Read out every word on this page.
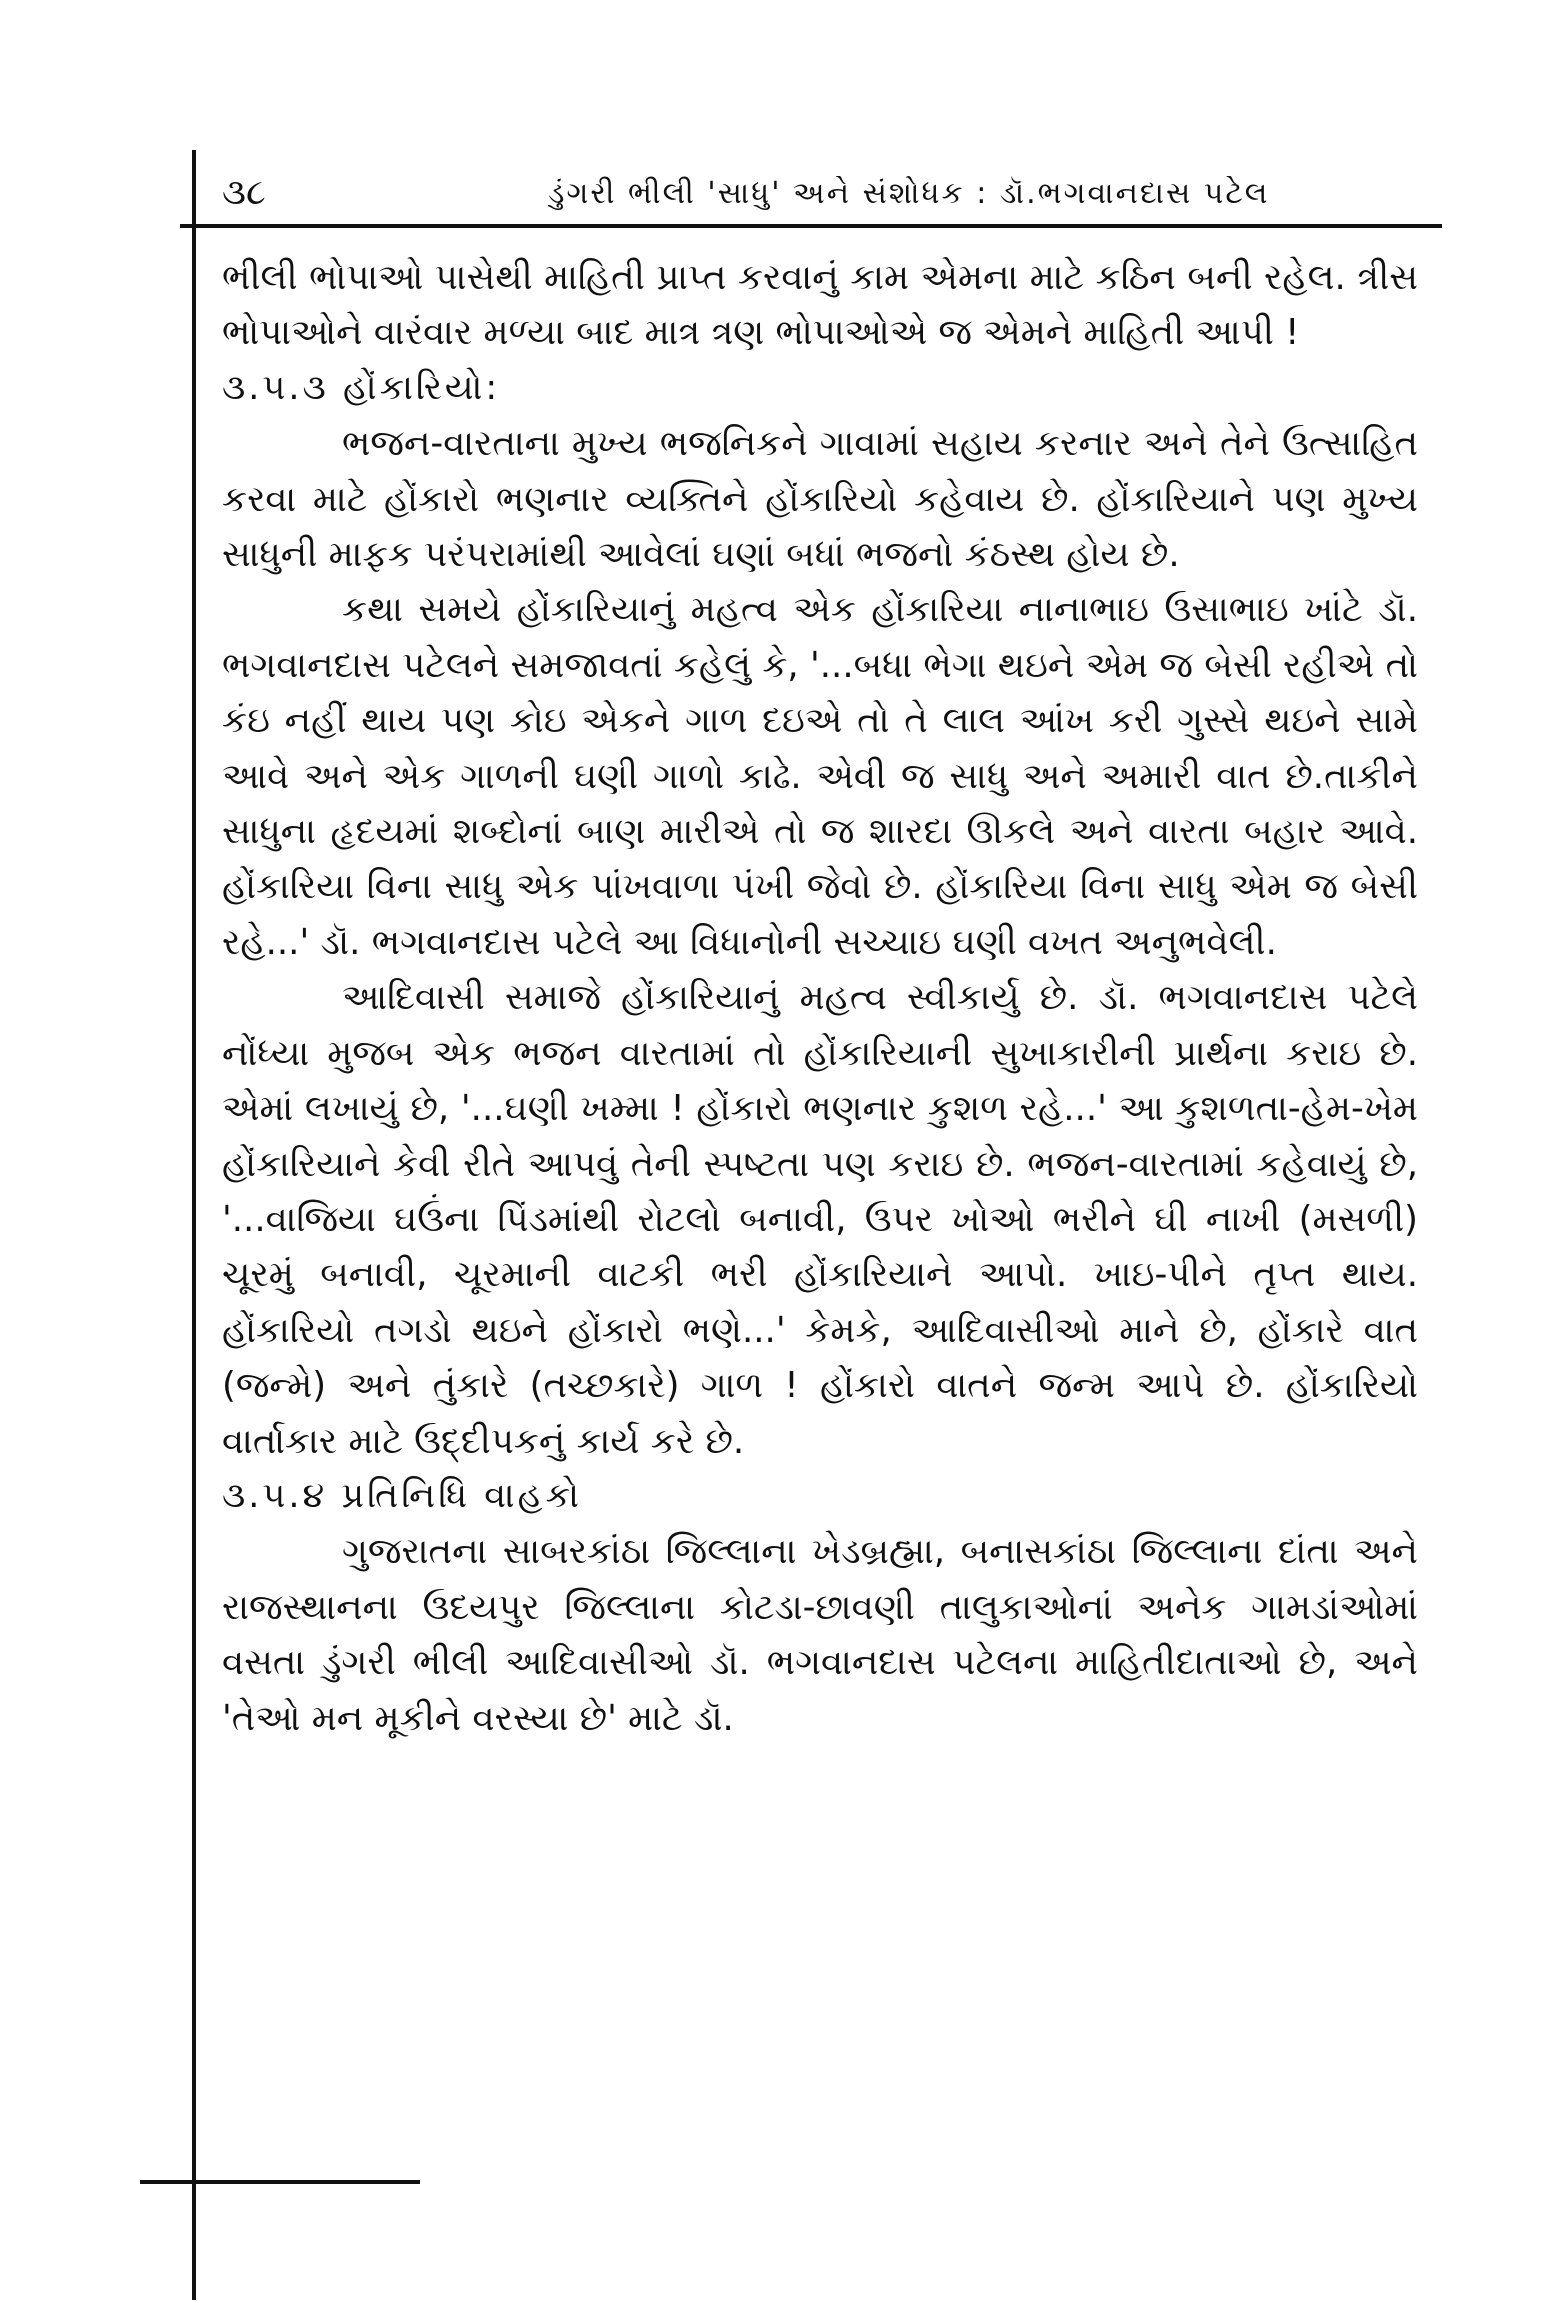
૩૮	ડુંગરી ભીલી 'સાધુ' અને સંશોધક : ડૉ.ભગવાનદાસ પટેલ

ભીલી ભોપાઓ પાસેથી માહિતી પ્રાપ્ત કરવાનું કામ એમના માટે કઠિન બની રહેલ. ત્રીસ ભોપાઓને વારંવાર મળ્યા બાદ માત્ર ત્રણ ભોપાઓએ જ એમને માહિતી આપી !

૩.૫.૩ હોંકારિયો:

ભજન-વારતાના મુખ્ય ભજનિકને ગાવામાં સહાય કરનાર અને તેને ઉત્સાહિત કરવા માટે હોંકારો ભણનાર વ્યક્તિને હોંકારિયો કહેવાય છે. હોંકારિયાને પણ મુખ્ય સાધુની માફક પરંપરામાંથી આવેલાં ઘણાં બધાં ભજનો કંઠસ્થ હોય છે.

કથા સમયે હોંકારિયાનું મહત્વ એક હોંકારિયા નાનાભાઇ ઉસાભાઇ ખાંટે ડૉ. ભગવાનદાસ પટેલને સમજાવતાં કહેલું કે, '...બધા ભેગા થઇને એમ જ બેસી રહીએ તો કંઇ નહીં થાય પણ કોઇ એકને ગાળ દઇએ તો તે લાલ આંખ કરી ગુસ્સે થઇને સામે આવે અને એક ગાળની ઘણી ગાળો કાઢે. એવી જ સાધુ અને અમારી વાત છે.તાકીને સાધુના હૃદયમાં શબ્દોનાં બાણ મારીએ તો જ શારદા ઊકલે અને વારતા બહાર આવે. હોંકારિયા વિના સાધુ એક પાંખવાળા પંખી જેવો છે. હોંકારિયા વિના સાધુ એમ જ બેસી રહે...' ડૉ. ભગવાનદાસ પટેલે આ વિધાનોની સચ્ચાઇ ઘણી વખત અનુભવેલી.

આદિવાસી સમાજે હોંકારિયાનું મહત્વ સ્વીકાર્યુ છે. ડૉ. ભગવાનદાસ પટેલે નોંધ્યા મુજબ એક ભજન વારતામાં તો હોંકારિયાની સુખાકારીની પ્રાર્થના કરાઇ છે. એમાં લખાયું છે, '...ઘણી ખમ્મા ! હોંકારો ભણનાર કુશળ રહે...' આ કુશળતા-હેમ-ખેમ હોંકારિયાને કેવી રીતે આપવું તેની સ્પષ્ટતા પણ કરાઇ છે. ભજન-વારતામાં કહેવાયું છે, '...વાજિયા ઘઉંના પિંડમાંથી રોટલો બનાવી, ઉપર ખોઓ ભરીને ઘી નાખી (મસળી) ચૂરમું બનાવી, ચૂરમાની વાટકી ભરી હોંકારિયાને આપો. ખાઇ-પીને તૃપ્ત થાય. હોંકારિયો તગડો થઇને હોંકારો ભણે...' કેમકે, આદિવાસીઓ માને છે, હોંકારે વાત (જન્મે) અને તુંકારે (તચ્છકારે) ગાળ ! હોંકારો વાતને જન્મ આપે છે. હોંકારિયો વાર્તાકાર માટે ઉદ્દીપકનું કાર્ય કરે છે.

૩.૫.૪ પ્રતિનિધિ વાહકો

ગુજરાતના સાબરકાંઠા જિલ્લાના ખેડબ્રહ્મા, બનાસકાંઠા જિલ્લાના દાંતા અને રાજસ્થાનના ઉદયપુર જિલ્લાના કોટડા-છાવણી તાલુકાઓનાં અનેક ગામડાંઓમાં વસતા ડુંગરી ભીલી આદિવાસીઓ ડૉ. ભગવાનદાસ પટેલના માહિતીદાતાઓ છે, અને 'તેઓ મન મૂકીને વરસ્યા છે' માટે ડૉ.
